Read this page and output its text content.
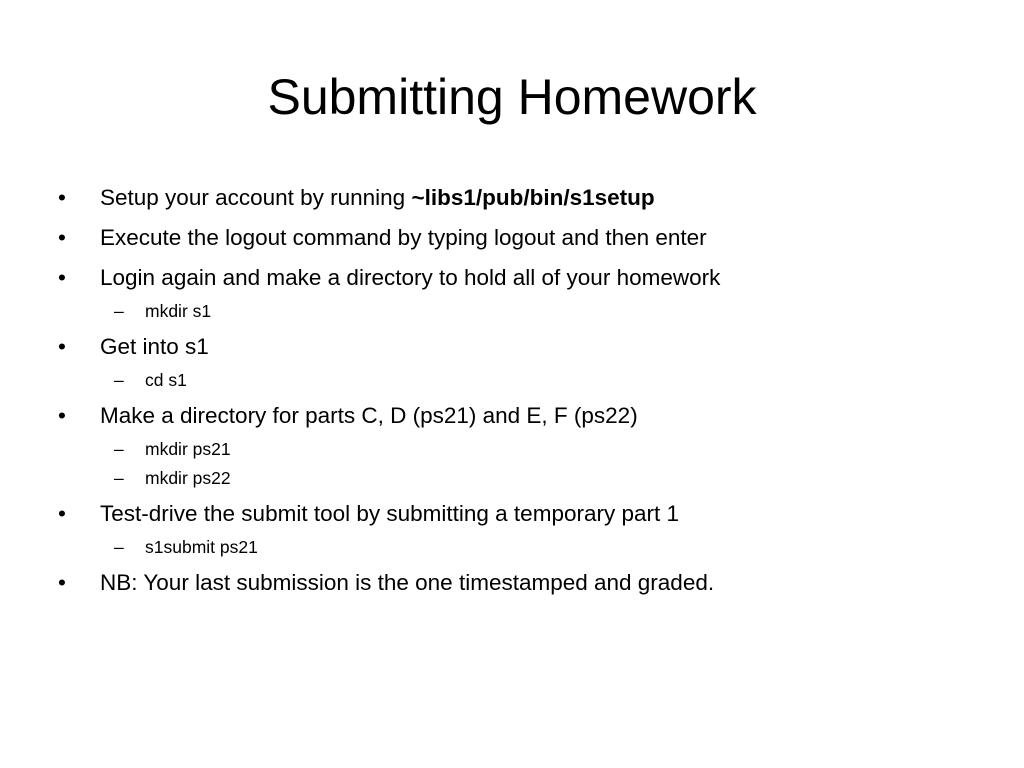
Submitting Homework
•	Setup your account by running ~libs1/pub/bin/s1setup
•	Execute the logout command by typing logout and then enter
•	Login again and make a directory to hold all of your homework
– mkdir s1
•	Get into s1
– cd s1
•	Make a directory for parts C, D (ps21) and E, F (ps22)
– mkdir ps21
– mkdir ps22
•	Test-drive the submit tool by submitting a temporary part 1
– s1submit ps21
•	NB: Your last submission is the one timestamped and graded.
